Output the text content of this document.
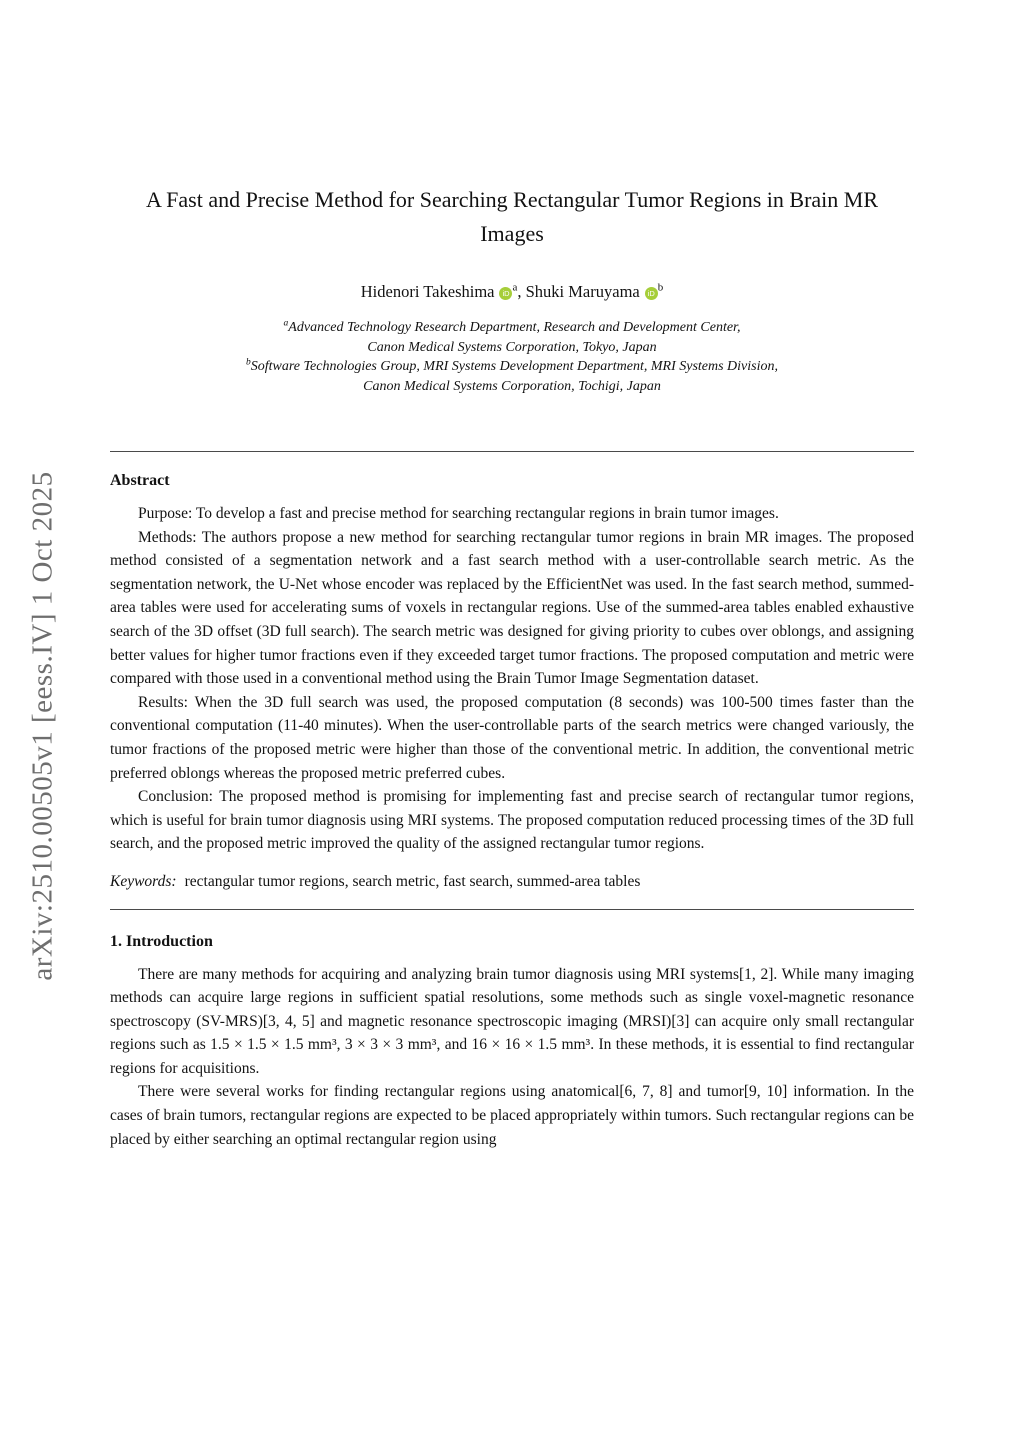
arXiv:2510.00505v1 [eess.IV] 1 Oct 2025
A Fast and Precise Method for Searching Rectangular Tumor Regions in Brain MR Images
Hidenori Takeshima iD $^a$, Shuki Maruyama iD $^b$
$^a$Advanced Technology Research Department, Research and Development Center,
Canon Medical Systems Corporation, Tokyo, Japan
$^b$Software Technologies Group, MRI Systems Development Department, MRI Systems Division,
Canon Medical Systems Corporation, Tochigi, Japan
Abstract

Purpose: To develop a fast and precise method for searching rectangular regions in brain tumor images.

Methods: The authors propose a new method for searching rectangular tumor regions in brain MR images. The proposed method consisted of a segmentation network and a fast search method with a user-controllable search metric. As the segmentation network, the U-Net whose encoder was replaced by the EfficientNet was used. In the fast search method, summed-area tables were used for accelerating sums of voxels in rectangular regions. Use of the summed-area tables enabled exhaustive search of the 3D offset (3D full search). The search metric was designed for giving priority to cubes over oblongs, and assigning better values for higher tumor fractions even if they exceeded target tumor fractions. The proposed computation and metric were compared with those used in a conventional method using the Brain Tumor Image Segmentation dataset.

Results: When the 3D full search was used, the proposed computation (8 seconds) was 100-500 times faster than the conventional computation (11-40 minutes). When the user-controllable parts of the search metrics were changed variously, the tumor fractions of the proposed metric were higher than those of the conventional metric. In addition, the conventional metric preferred oblongs whereas the proposed metric preferred cubes.

Conclusion: The proposed method is promising for implementing fast and precise search of rectangular tumor regions, which is useful for brain tumor diagnosis using MRI systems. The proposed computation reduced processing times of the 3D full search, and the proposed metric improved the quality of the assigned rectangular tumor regions.

Keywords: rectangular tumor regions, search metric, fast search, summed-area tables
1. Introduction

There are many methods for acquiring and analyzing brain tumor diagnosis using MRI systems[1, 2]. While many imaging methods can acquire large regions in sufficient spatial resolutions, some methods such as single voxel-magnetic resonance spectroscopy (SV-MRS)[3, 4, 5] and magnetic resonance spectroscopic imaging (MRSI)[3] can acquire only small rectangular regions such as 1.5 × 1.5 × 1.5 mm³, 3 × 3 × 3 mm³, and 16 × 16 × 1.5 mm³. In these methods, it is essential to find rectangular regions for acquisitions.

There were several works for finding rectangular regions using anatomical[6, 7, 8] and tumor[9, 10] information. In the cases of brain tumors, rectangular regions are expected to be placed appropriately within tumors. Such rectangular regions can be placed by either searching an optimal rectangular region using
